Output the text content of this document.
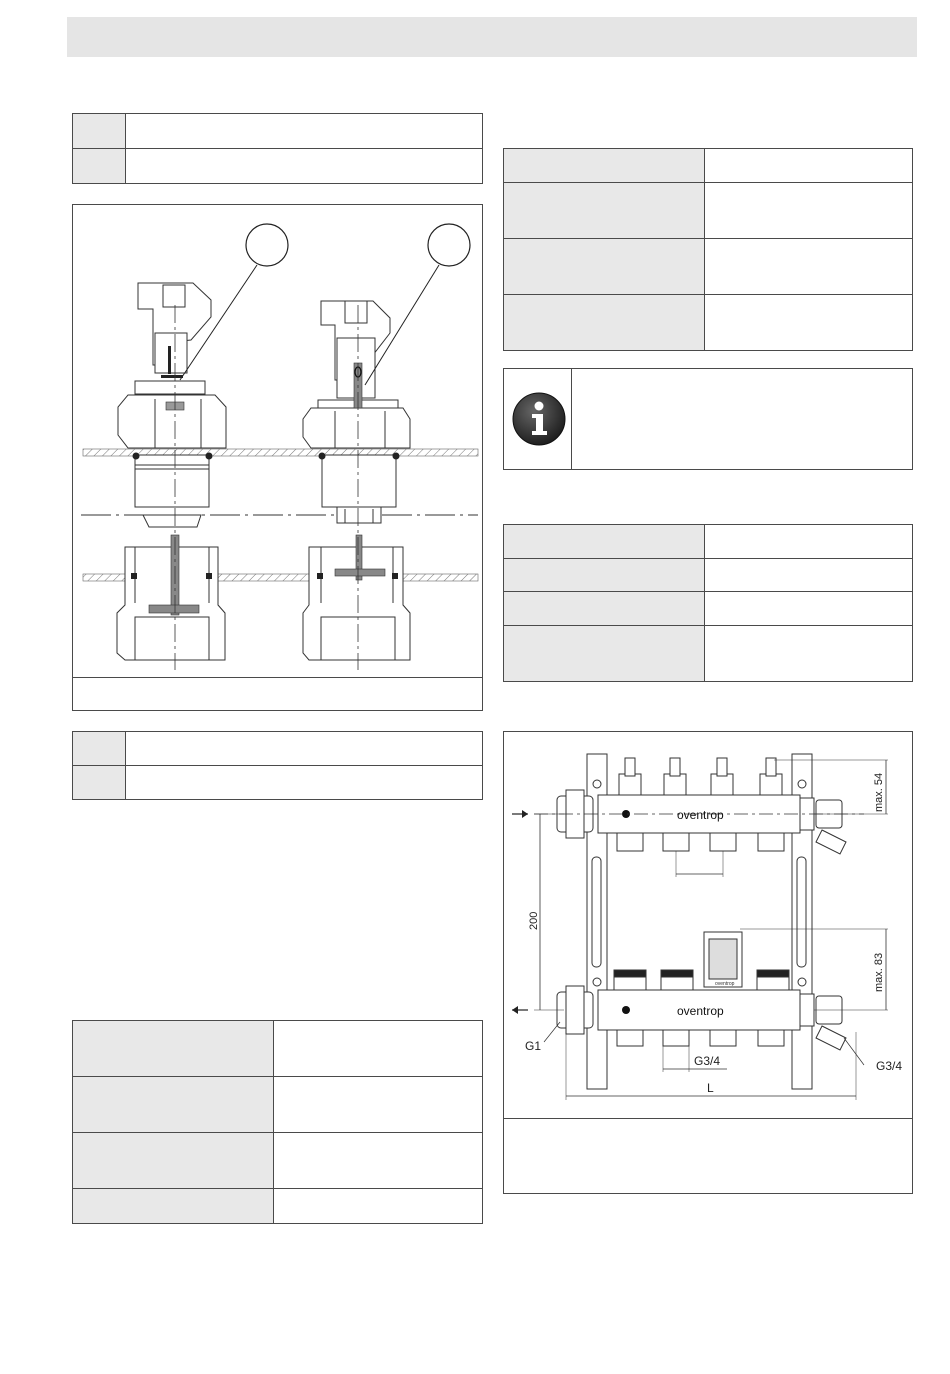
oventrop
oventrop
oventrop
200
max. 54
max. 83
G3/4
L
G1
G3/4
